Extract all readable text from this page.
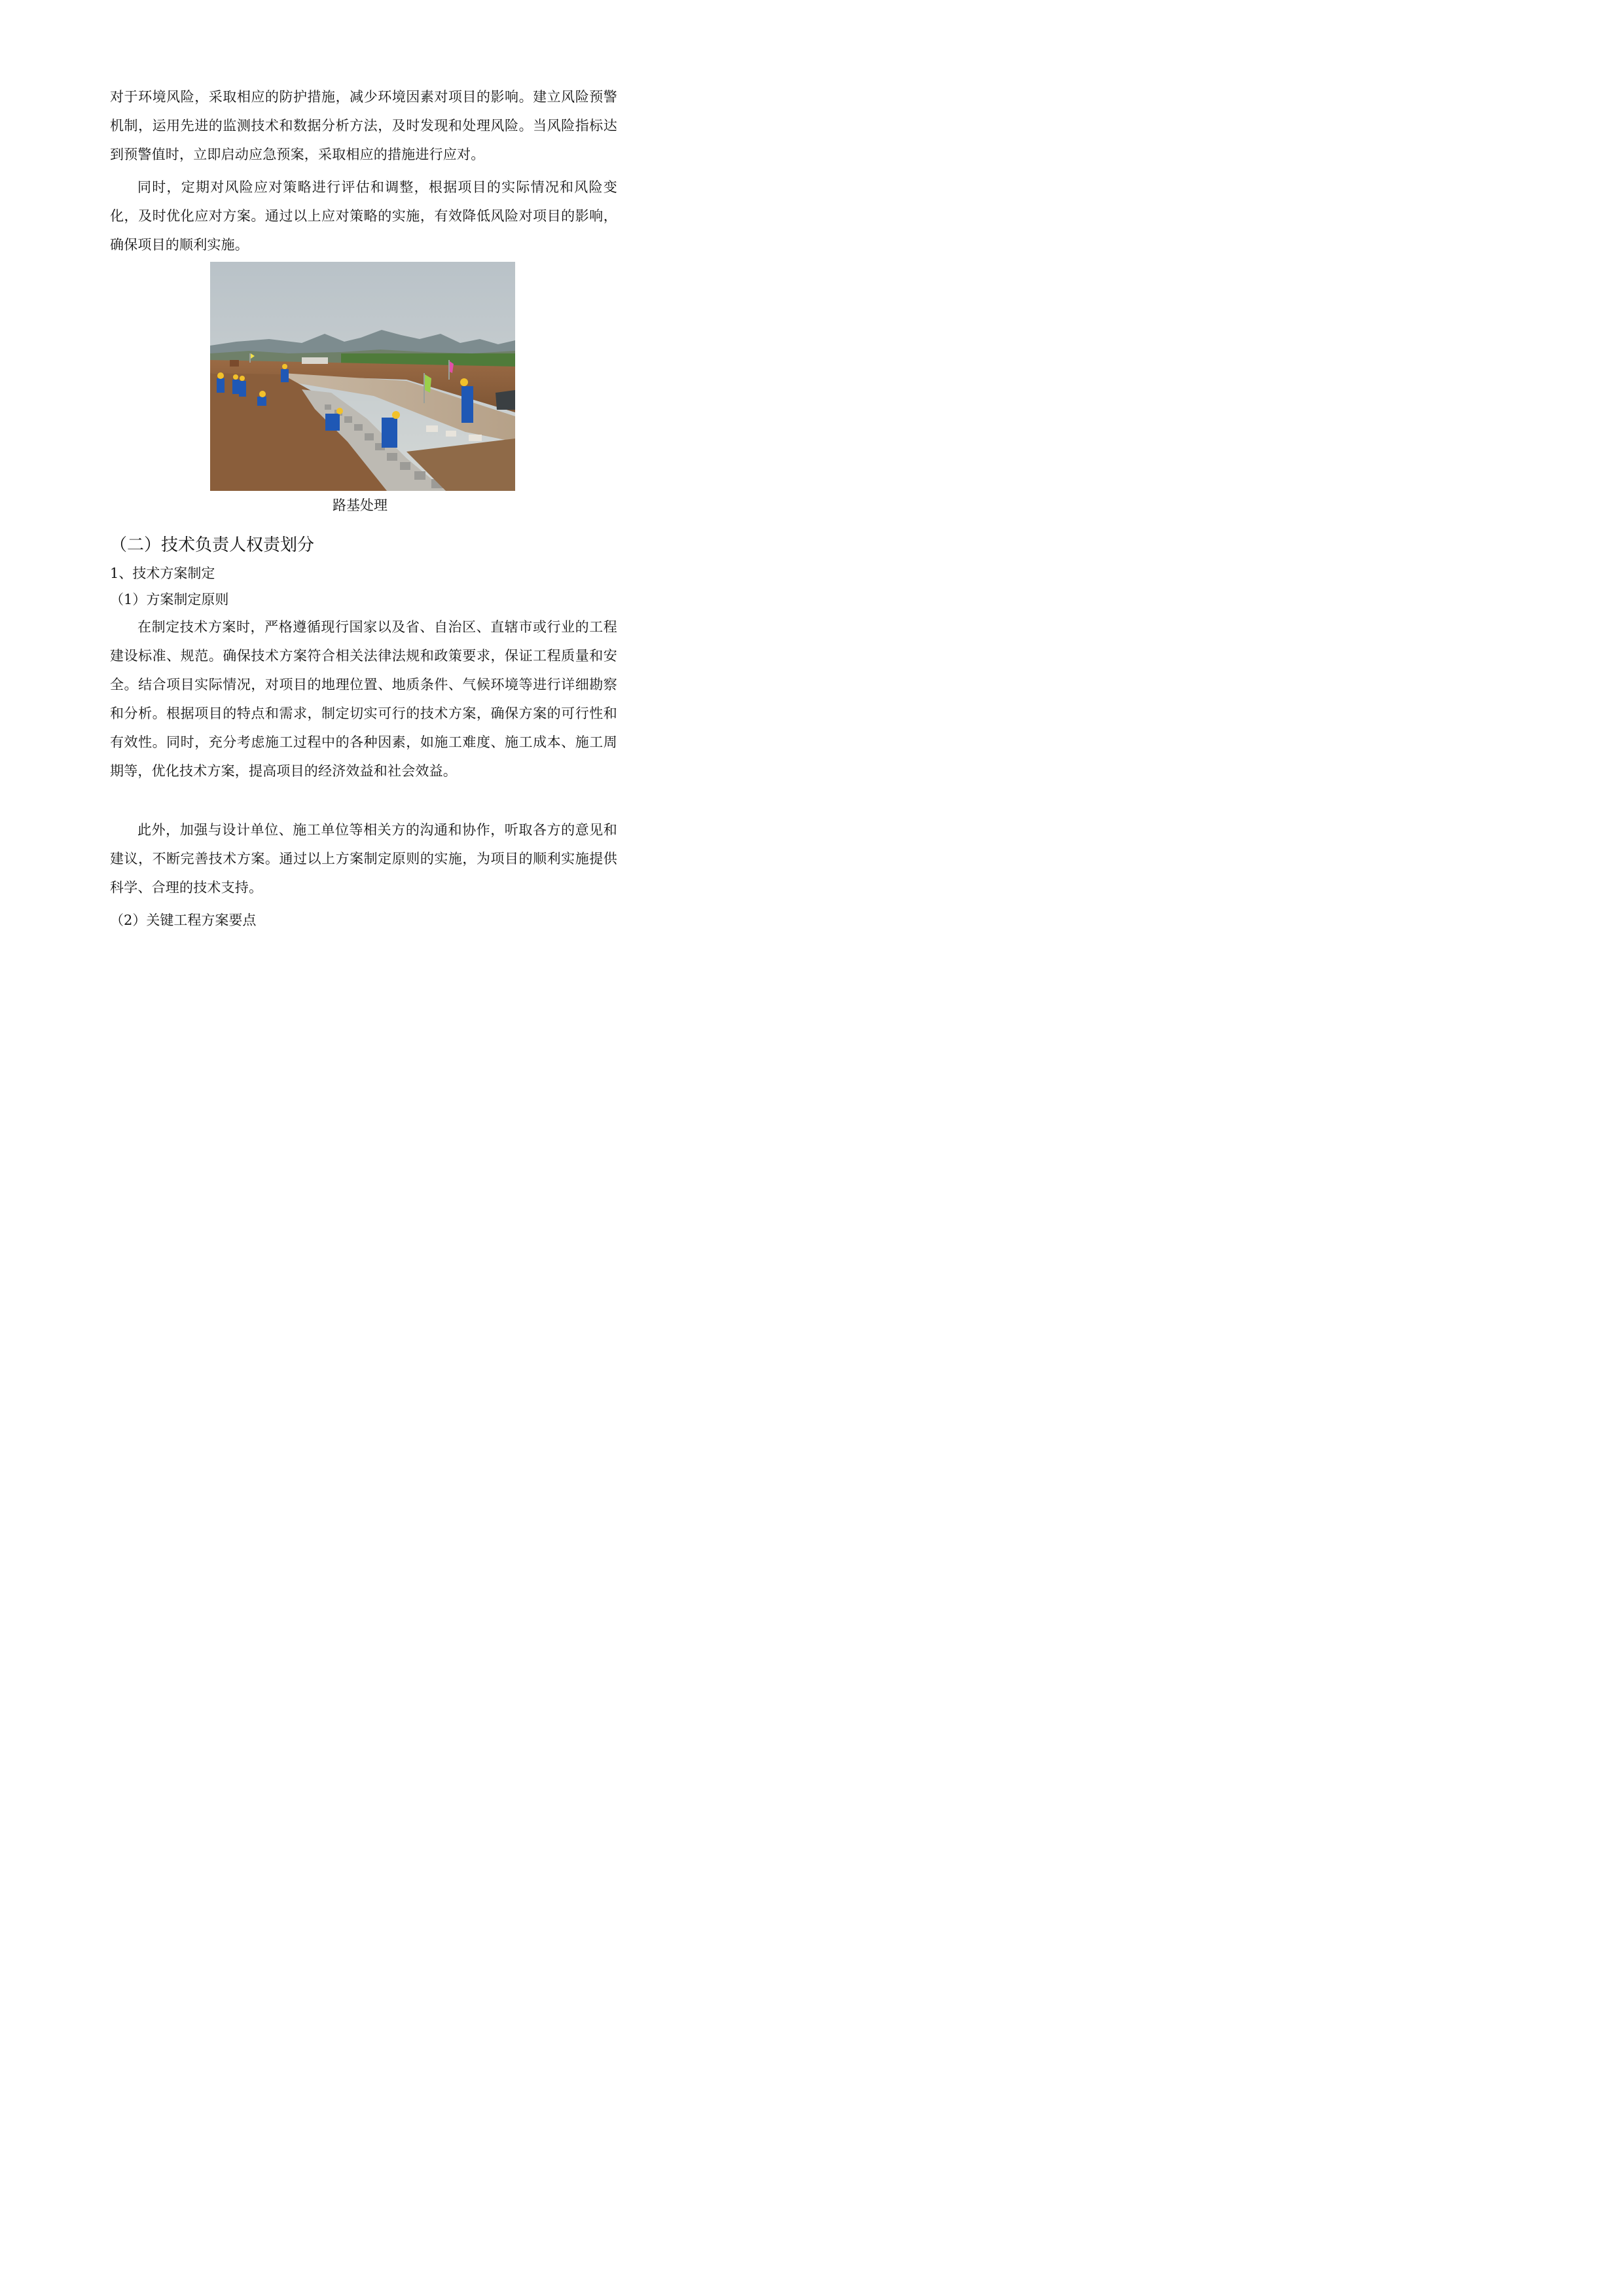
对于环境风险，采取相应的防护措施，减少环境因素对项目的影响。建立风险预警机制，运用先进的监测技术和数据分析方法，及时发现和处理风险。当风险指标达到预警值时，立即启动应急预案，采取相应的措施进行应对。

同时，定期对风险应对策略进行评估和调整，根据项目的实际情况和风险变化，及时优化应对方案。通过以上应对策略的实施，有效降低风险对项目的影响，确保项目的顺利实施。

路基处理

（二）技术负责人权责划分
1、技术方案制定
（1）方案制定原则

在制定技术方案时，严格遵循现行国家以及省、自治区、直辖市或行业的工程建设标准、规范。确保技术方案符合相关法律法规和政策要求，保证工程质量和安全。结合项目实际情况，对项目的地理位置、地质条件、气候环境等进行详细勘察和分析。根据项目的特点和需求，制定切实可行的技术方案，确保方案的可行性和有效性。同时，充分考虑施工过程中的各种因素，如施工难度、施工成本、施工周期等，优化技术方案，提高项目的经济效益和社会效益。

此外，加强与设计单位、施工单位等相关方的沟通和协作，听取各方的意见和建议，不断完善技术方案。通过以上方案制定原则的实施，为项目的顺利实施提供科学、合理的技术支持。

（2）关键工程方案要点
